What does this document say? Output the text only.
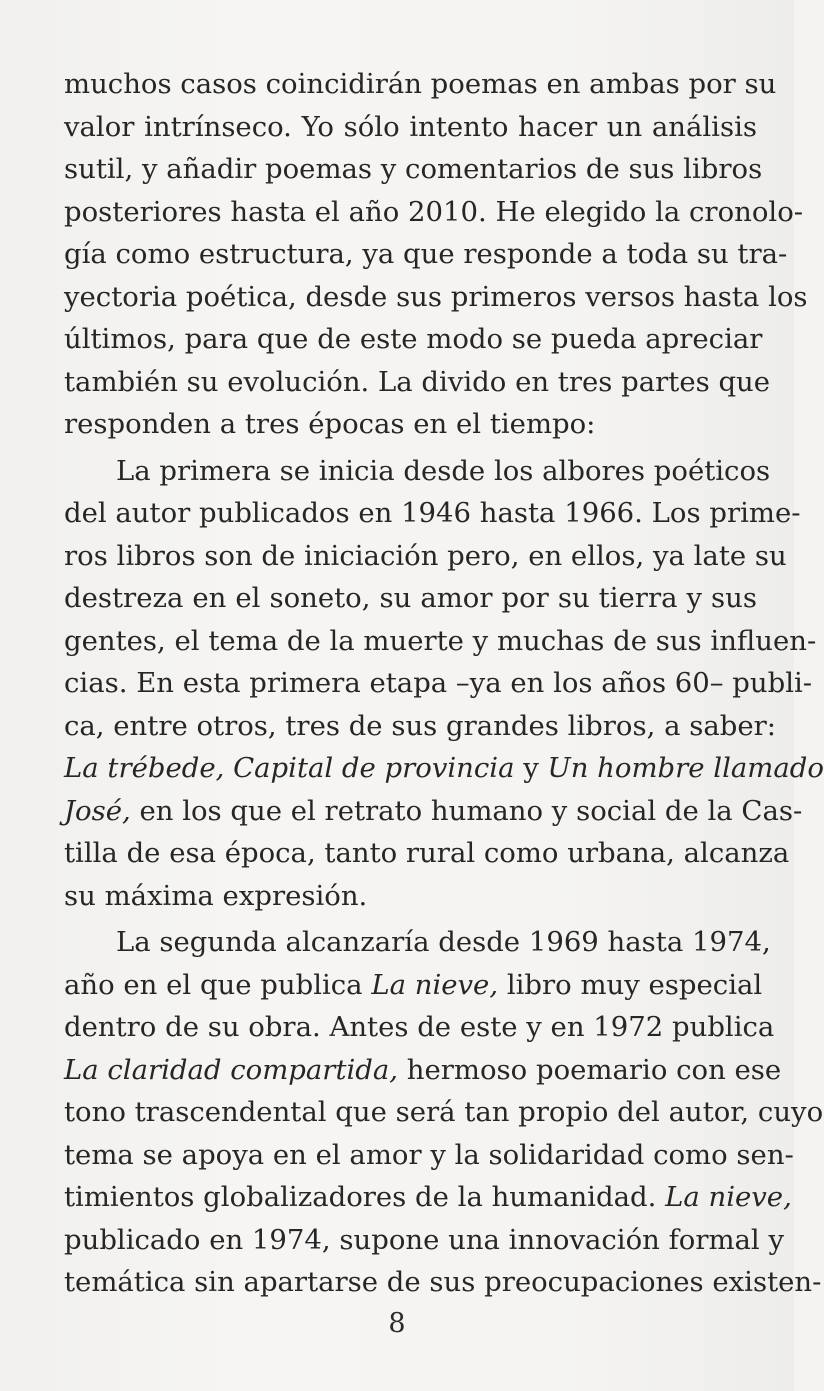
muchos casos coincidirán poemas en ambas por su
valor intrínseco. Yo sólo intento hacer un análisis
sutil, y añadir poemas y comentarios de sus libros
posteriores hasta el año 2010. He elegido la cronolo-
gía como estructura, ya que responde a toda su tra-
yectoria poética, desde sus primeros versos hasta los
últimos, para que de este modo se pueda apreciar
también su evolución. La divido en tres partes que
responden a tres épocas en el tiempo:
La primera se inicia desde los albores poéticos
del autor publicados en 1946 hasta 1966. Los prime-
ros libros son de iniciación pero, en ellos, ya late su
destreza en el soneto, su amor por su tierra y sus
gentes, el tema de la muerte y muchas de sus influen-
cias. En esta primera etapa –ya en los años 60– publi-
ca, entre otros, tres de sus grandes libros, a saber:
La trébede, Capital de provincia y Un hombre llamado
José, en los que el retrato humano y social de la Cas-
tilla de esa época, tanto rural como urbana, alcanza
su máxima expresión.
La segunda alcanzaría desde 1969 hasta 1974,
año en el que publica La nieve, libro muy especial
dentro de su obra. Antes de este y en 1972 publica
La claridad compartida, hermoso poemario con ese
tono trascendental que será tan propio del autor, cuyo
tema se apoya en el amor y la solidaridad como sen-
timientos globalizadores de la humanidad. La nieve,
publicado en 1974, supone una innovación formal y
temática sin apartarse de sus preocupaciones existen-
8
